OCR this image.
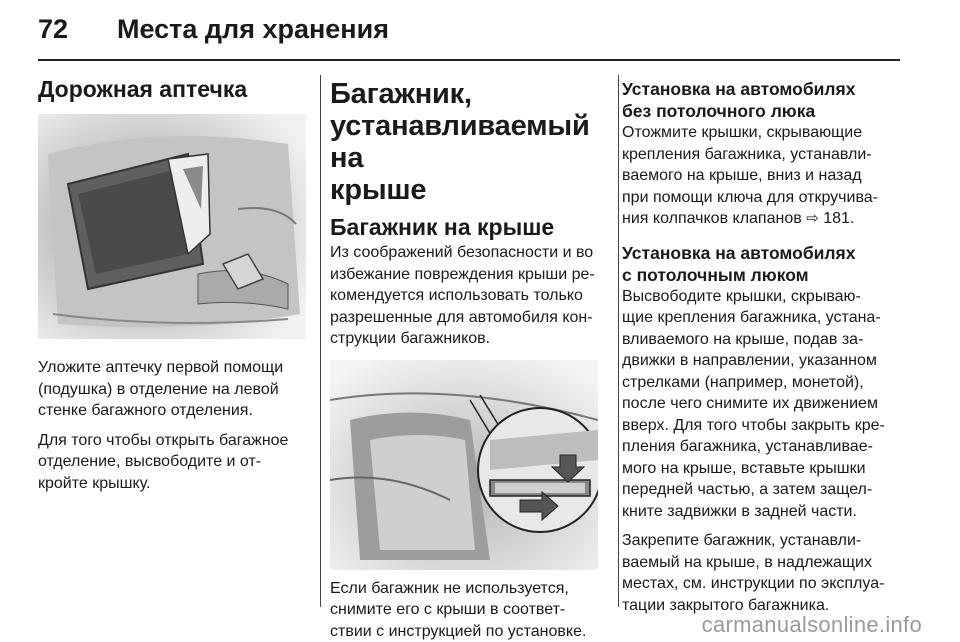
72 Места для хранения
Дорожная аптечка

Уложите аптечку первой помощи

(подушка) в отделение на левой

стенке багажного отделения.

Для того чтобы открыть багажное

отделение, высвободите и от-

кройте крышку.

Багажник,
устанавливаемый на
крыше
Багажник на крыше

Из соображений безопасности и во

избежание повреждения крыши ре-

комендуется использовать только

разрешенные для автомобиля кон-

струкции багажников.

Если багажник не используется,

снимите его с крыши в соответ-

ствии с инструкцией по установке.

Установка на автомобилях
без потолочного люка

Отожмите крышки, скрывающие

крепления багажника, устанавли-

ваемого на крыше, вниз и назад

при помощи ключа для откручива-

ния колпачков клапанов ⇨ 181.

Установка на автомобилях
с потолочным люком

Высвободите крышки, скрываю-

щие крепления багажника, устана-

вливаемого на крыше, подав за-

движки в направлении, указанном

стрелками (например, монетой),

после чего снимите их движением

вверх. Для того чтобы закрыть кре-

пления багажника, устанавливае-

мого на крыше, вставьте крышки

передней частью, а затем защел-

кните задвижки в задней части.

Закрепите багажник, устанавли-

ваемый на крыше, в надлежащих

местах, см. инструкции по эксплуа-

тации закрытого багажника.

carmanualsonline.info
